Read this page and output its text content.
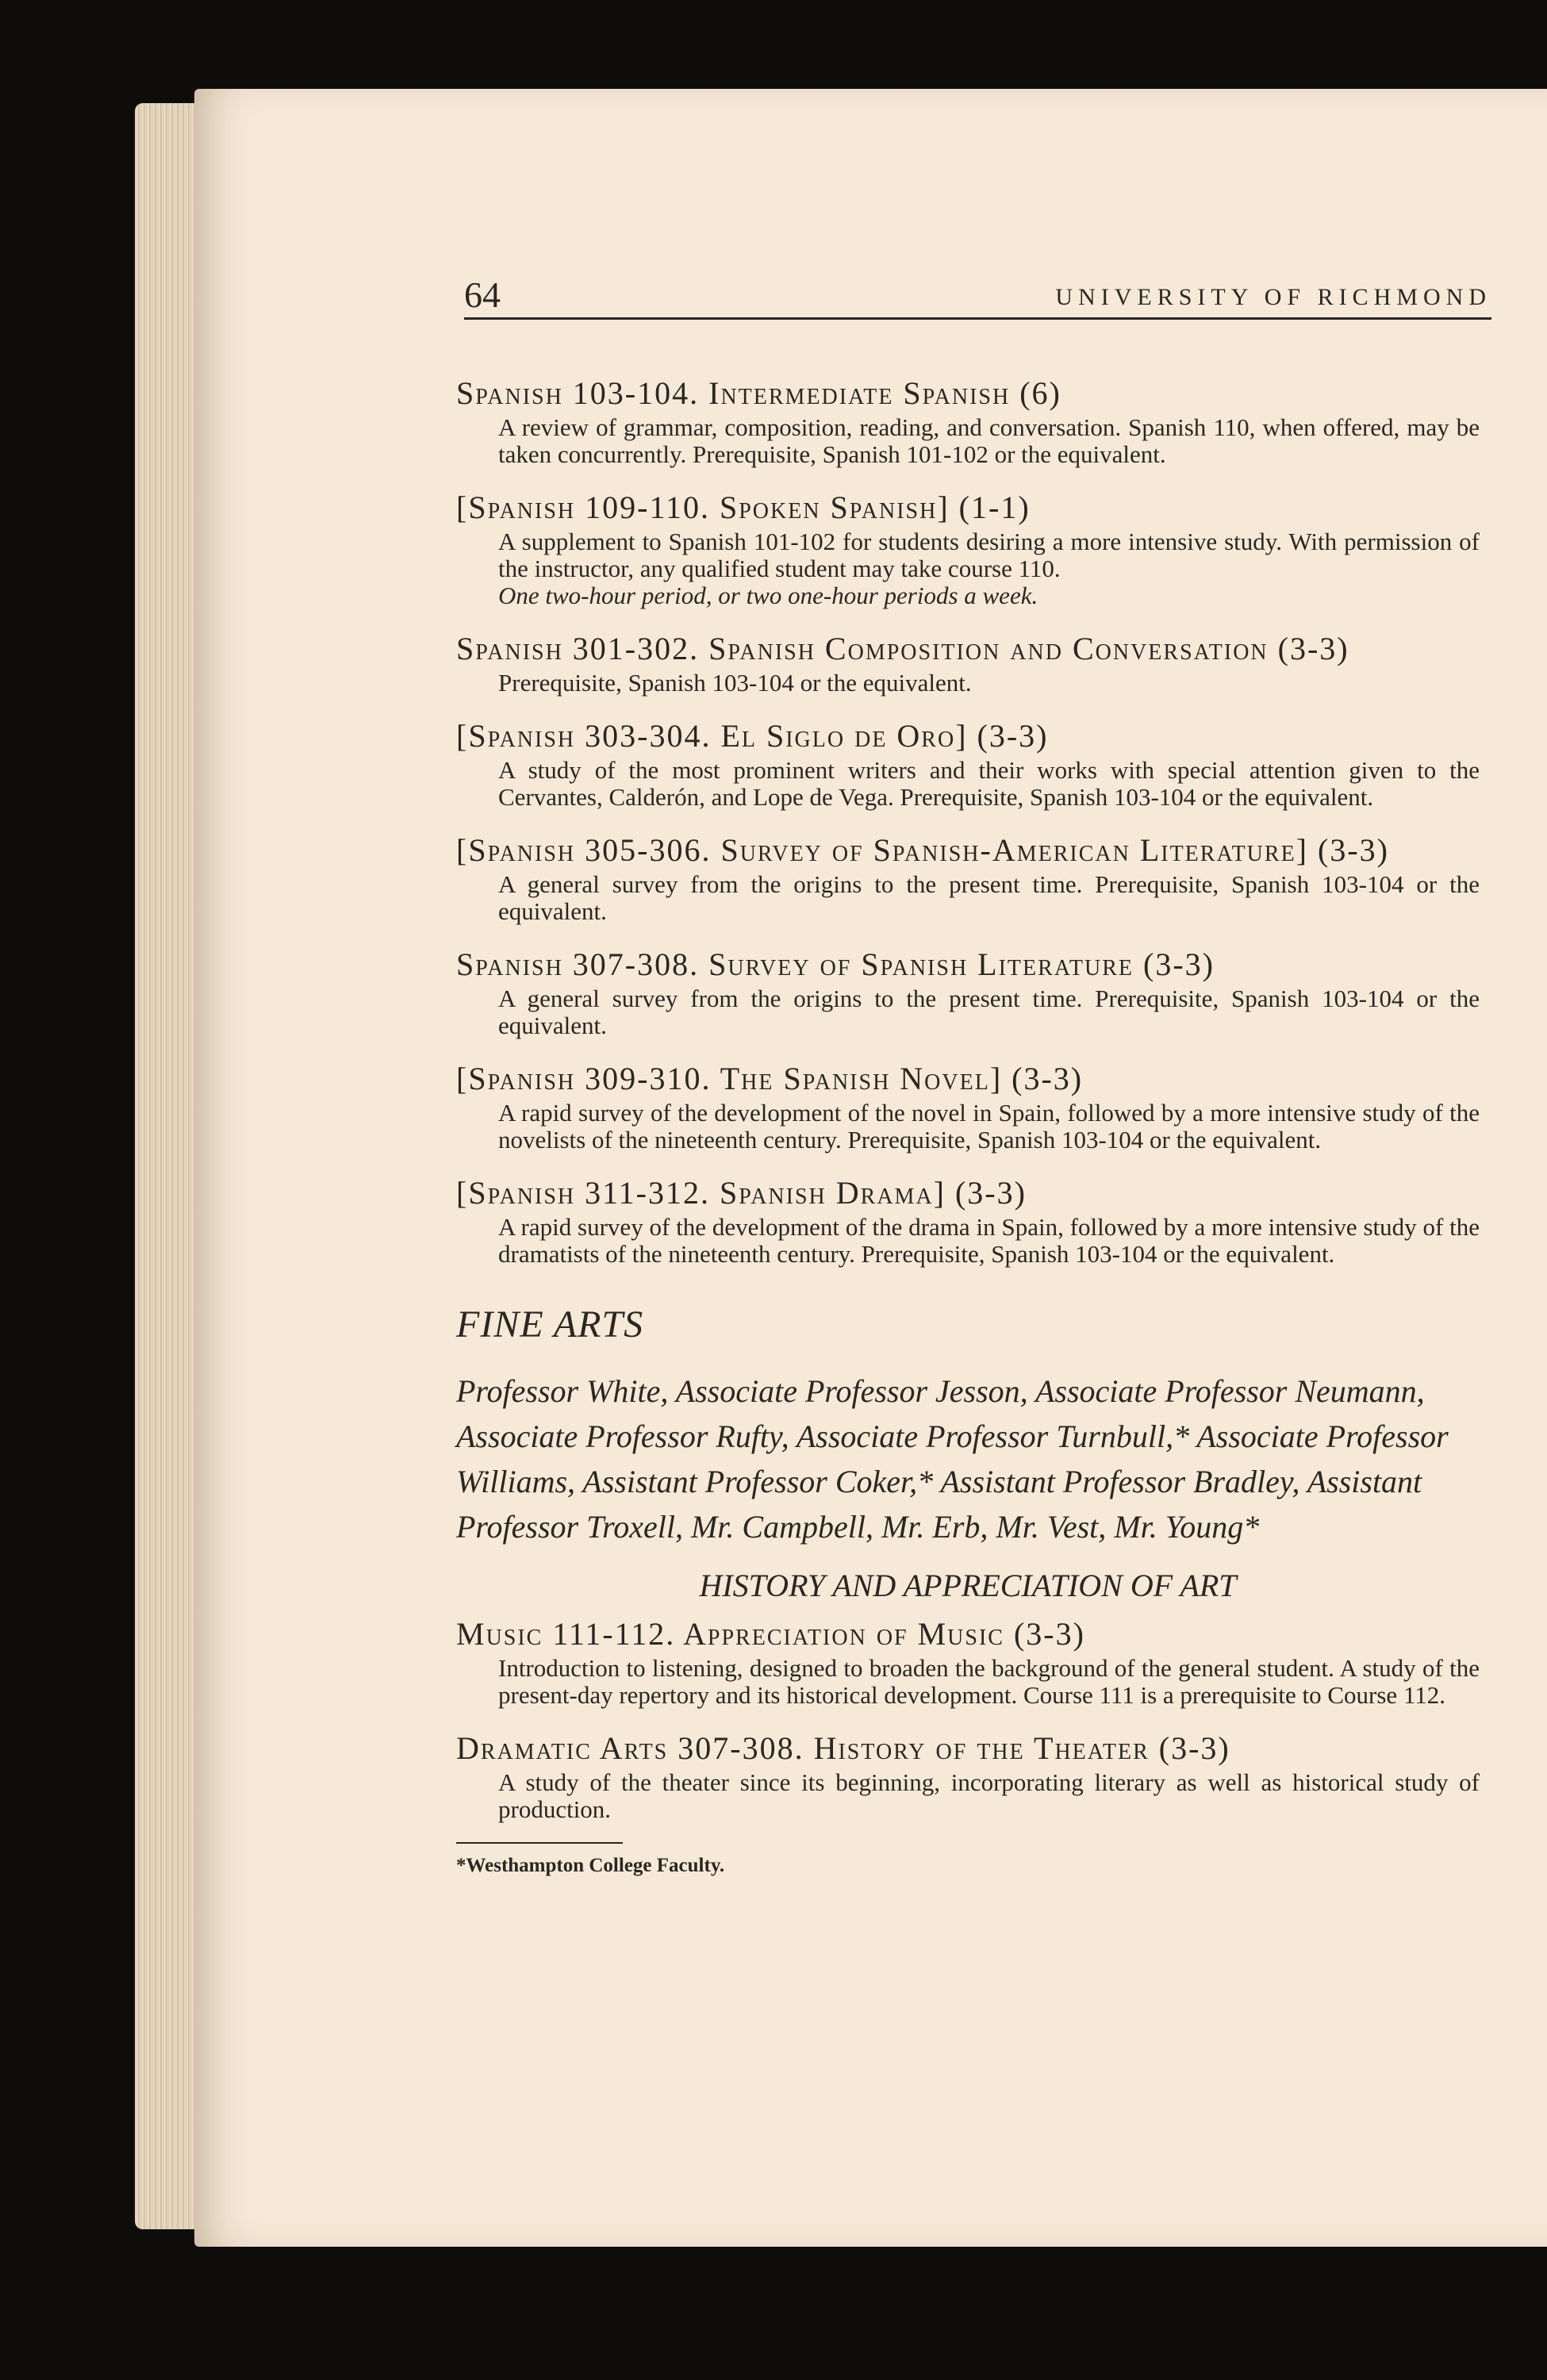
64	UNIVERSITY OF RICHMOND
Spanish 103-104. Intermediate Spanish (6)
A review of grammar, composition, reading, and conversation. Spanish 110, when offered, may be taken concurrently. Prerequisite, Spanish 101-102 or the equivalent.
[Spanish 109-110. Spoken Spanish] (1-1)
A supplement to Spanish 101-102 for students desiring a more intensive study. With permission of the instructor, any qualified student may take course 110.
One two-hour period, or two one-hour periods a week.
Spanish 301-302. Spanish Composition and Conversation (3-3)
Prerequisite, Spanish 103-104 or the equivalent.
[Spanish 303-304. El Siglo de Oro] (3-3)
A study of the most prominent writers and their works with special attention given to the Cervantes, Calderón, and Lope de Vega. Prerequisite, Spanish 103-104 or the equivalent.
[Spanish 305-306. Survey of Spanish-American Literature] (3-3)
A general survey from the origins to the present time. Prerequisite, Spanish 103-104 or the equivalent.
Spanish 307-308. Survey of Spanish Literature (3-3)
A general survey from the origins to the present time. Prerequisite, Spanish 103-104 or the equivalent.
[Spanish 309-310. The Spanish Novel] (3-3)
A rapid survey of the development of the novel in Spain, followed by a more intensive study of the novelists of the nineteenth century. Prerequisite, Spanish 103-104 or the equivalent.
[Spanish 311-312. Spanish Drama] (3-3)
A rapid survey of the development of the drama in Spain, followed by a more intensive study of the dramatists of the nineteenth century. Prerequisite, Spanish 103-104 or the equivalent.
FINE ARTS
Professor White, Associate Professor Jesson, Associate Professor Neumann, Associate Professor Rufty, Associate Professor Turnbull,* Associate Professor Williams, Assistant Professor Coker,* Assistant Professor Bradley, Assistant Professor Troxell, Mr. Campbell, Mr. Erb, Mr. Vest, Mr. Young*
HISTORY AND APPRECIATION OF ART
Music 111-112. Appreciation of Music (3-3)
Introduction to listening, designed to broaden the background of the general student. A study of the present-day repertory and its historical development. Course 111 is a prerequisite to Course 112.
Dramatic Arts 307-308. History of the Theater (3-3)
A study of the theater since its beginning, incorporating literary as well as historical study of production.
*Westhampton College Faculty.
